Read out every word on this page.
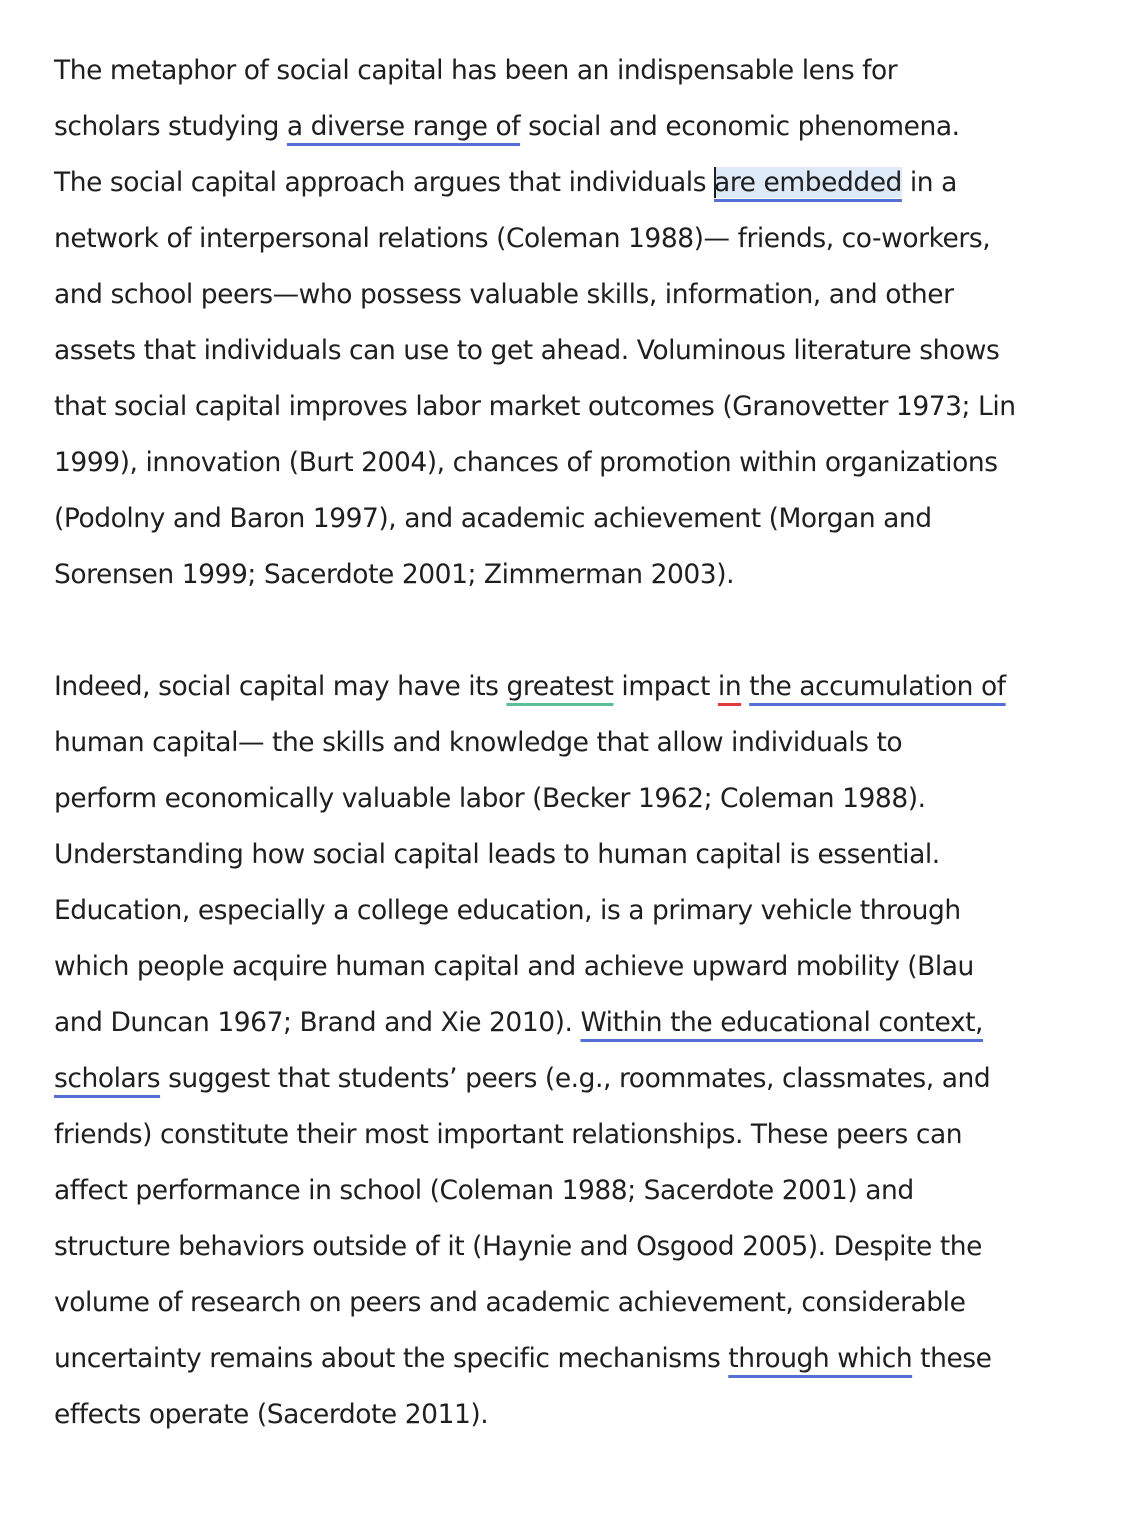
The metaphor of social capital has been an indispensable lens for
scholars studying a diverse range of social and economic phenomena.
The social capital approach argues that individuals are embedded in a
network of interpersonal relations (Coleman 1988)— friends, co-workers,
and school peers—who possess valuable skills, information, and other
assets that individuals can use to get ahead. Voluminous literature shows
that social capital improves labor market outcomes (Granovetter 1973; Lin
1999), innovation (Burt 2004), chances of promotion within organizations
(Podolny and Baron 1997), and academic achievement (Morgan and
Sorensen 1999; Sacerdote 2001; Zimmerman 2003).
Indeed, social capital may have its greatest impact in the accumulation of
human capital— the skills and knowledge that allow individuals to
perform economically valuable labor (Becker 1962; Coleman 1988).
Understanding how social capital leads to human capital is essential.
Education, especially a college education, is a primary vehicle through
which people acquire human capital and achieve upward mobility (Blau
and Duncan 1967; Brand and Xie 2010). Within the educational context,
scholars suggest that students’ peers (e.g., roommates, classmates, and
friends) constitute their most important relationships. These peers can
affect performance in school (Coleman 1988; Sacerdote 2001) and
structure behaviors outside of it (Haynie and Osgood 2005). Despite the
volume of research on peers and academic achievement, considerable
uncertainty remains about the specific mechanisms through which these
effects operate (Sacerdote 2011).
